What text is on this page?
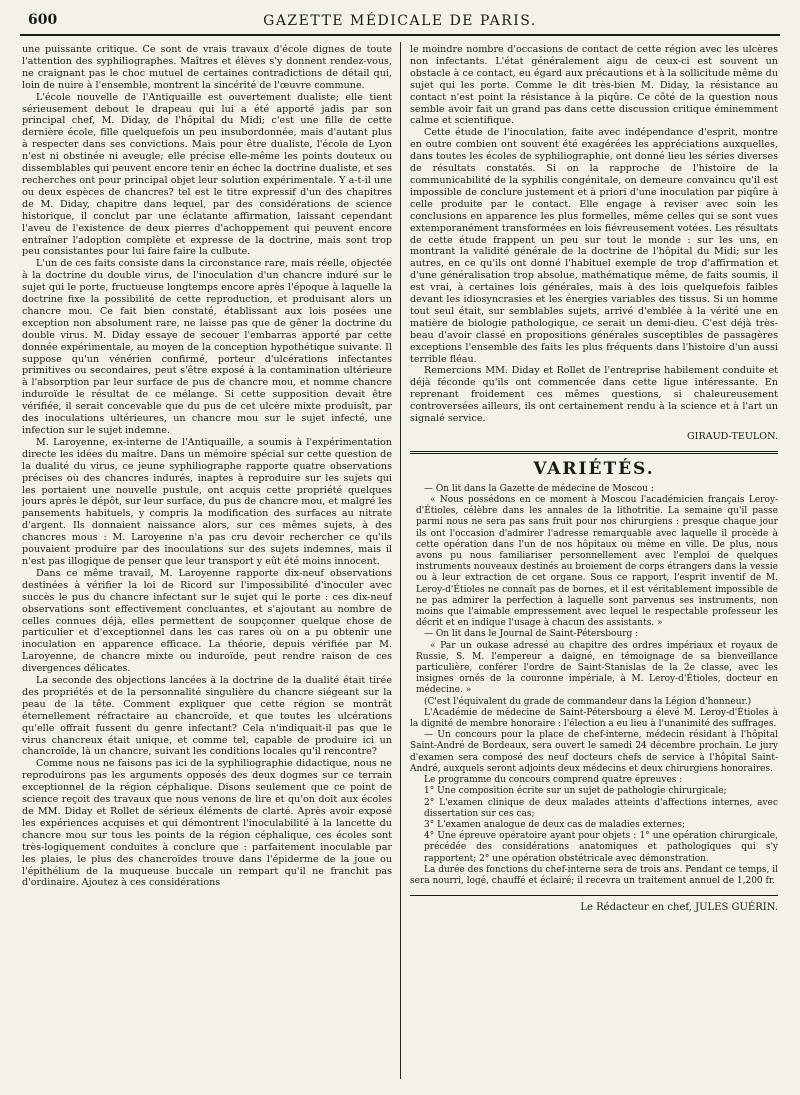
600	GAZETTE MÉDICALE DE PARIS.

une puissante critique. Ce sont de vrais travaux d'école dignes de toute l'attention des syphiliographes. Maîtres et élèves s'y donnent rendez-vous, ne craignant pas le choc mutuel de certaines contradictions de détail qui, loin de nuire à l'ensemble, montrent la sincérité de l'œuvre commune.

L'école nouvelle de l'Antiquaille est ouvertement dualiste; elle tient sérieusement debout le drapeau qui lui a été apporté jadis par son principal chef, M. Diday, de l'hôpital du Midi; c'est une fille de cette dernière école, fille quelquefois un peu insubordonnée, mais d'autant plus à respecter dans ses convictions. Mais pour être dualiste, l'école de Lyon n'est ni obstinée ni aveugle; elle précise elle-même les points douteux ou dissemblables qui peuvent encore tenir en échec la doctrine dualiste, et ses recherches ont pour principal objet leur solution expérimentale. Y a-t-il une ou deux espèces de chancres? tel est le titre expressif d'un des chapitres de M. Diday, chapitre dans lequel, par des considérations de science historique, il conclut par une éclatante affirmation, laissant cependant l'aveu de l'existence de deux pierres d'achoppement qui peuvent encore entraîner l'adoption complète et expresse de la doctrine, mais sont trop peu consistantes pour lui faire faire la culbute.

L'un de ces faits consiste dans la circonstance rare, mais réelle, objectée à la doctrine du double virus, de l'inoculation d'un chancre induré sur le sujet qui le porte, fructueuse longtemps encore après l'époque à laquelle la doctrine fixe la possibilité de cette reproduction, et produisant alors un chancre mou. Ce fait bien constaté, établissant aux lois posées une exception non absolument rare, ne laisse pas que de gêner la doctrine du double virus. M. Diday essaye de secouer l'embarras apporté par cette donnée expérimentale, au moyen de la conception hypothétique suivante. Il suppose qu'un vénérien confirmé, porteur d'ulcérations infectantes primitives ou secondaires, peut s'être exposé à la contamination ultérieure à l'absorption par leur surface de pus de chancre mou, et nomme chancre induroïde le résultat de ce mélange. Si cette supposition devait être vérifiée, il serait concevable que du pus de cet ulcère mixte produisît, par des inoculations ultérieures, un chancre mou sur le sujet infecté, une infection sur le sujet indemne.

M. Laroyenne, ex-interne de l'Antiquaille, a soumis à l'expérimentation directe les idées du maître. Dans un mémoire spécial sur cette question de la dualité du virus, ce jeune syphiliographe rapporte quatre observations précises où des chancres indurés, inaptes à reproduire sur les sujets qui les portaient une nouvelle pustule, ont acquis cette propriété quelques jours après le dépôt, sur leur surface, du pus de chancre mou, et malgré les pansements habituels, y compris la modification des surfaces au nitrate d'argent. Ils donnaient naissance alors, sur ces mêmes sujets, à des chancres mous : M. Laroyenne n'a pas cru devoir rechercher ce qu'ils pouvaient produire par des inoculations sur des sujets indemnes, mais il n'est pas illogique de penser que leur transport y eût été moins innocent.

Dans ce même travail, M. Laroyenne rapporte dix-neuf observations destinées à vérifier la loi de Ricord sur l'impossibilité d'inoculer avec succès le pus du chancre infectant sur le sujet qui le porte : ces dix-neuf observations sont effectivement concluantes, et s'ajoutant au nombre de celles connues déjà, elles permettent de soupçonner quelque chose de particulier et d'exceptionnel dans les cas rares où on a pu obtenir une inoculation en apparence efficace. La théorie, depuis vérifiée par M. Laroyenne, de chancre mixte ou induroïde, peut rendre raison de ces divergences délicates.

La seconde des objections lancées à la doctrine de la dualité était tirée des propriétés et de la personnalité singulière du chancre siégeant sur la peau de la tête. Comment expliquer que cette région se montrât éternellement réfractaire au chancroïde, et que toutes les ulcérations qu'elle offrait fussent du genre infectant? Cela n'indiquait-il pas que le virus chancreux était unique, et comme tel, capable de produire ici un chancroïde, là un chancre, suivant les conditions locales qu'il rencontre?

Comme nous ne faisons pas ici de la syphiliographie didactique, nous ne reproduirons pas les arguments opposés des deux dogmes sur ce terrain exceptionnel de la région céphalique. Disons seulement que ce point de science reçoit des travaux que nous venons de lire et qu'on doit aux écoles de MM. Diday et Rollet de sérieux éléments de clarté. Après avoir exposé les expériences acquises et qui démontrent l'inoculabilité à la lancette du chancre mou sur tous les points de la région céphalique, ces écoles sont très-logiquement conduites à conclure que : parfaitement inoculable par les plaies, le plus des chancroïdes trouve dans l'épiderme de la joue ou l'épithélium de la muqueuse buccale un rempart qu'il ne franchit pas d'ordinaire. Ajoutez à ces considérations

le moindre nombre d'occasions de contact de cette région avec les ulcères non infectants. L'état généralement aigu de ceux-ci est souvent un obstacle à ce contact, eu égard aux précautions et à la sollicitude même du sujet qui les porte. Comme le dit très-bien M. Diday, la résistance au contact n'est point la résistance à la piqûre. Ce côté de la question nous semble avoir fait un grand pas dans cette discussion critique éminemment calme et scientifique.

Cette étude de l'inoculation, faite avec indépendance d'esprit, montre en outre combien ont souvent été exagérées les appréciations auxquelles, dans toutes les écoles de syphiliographie, ont donné lieu les séries diverses de résultats constatés. Si on la rapproche de l'histoire de la communicabilité de la syphilis congénitale, on demeure convaincu qu'il est impossible de conclure justement et à priori d'une inoculation par piqûre à celle produite par le contact. Elle engage à reviser avec soin les conclusions en apparence les plus formelles, même celles qui se sont vues extemporanément transformées en lois fiévreusement votées. Les résultats de cette étude frappent un peu sur tout le monde : sur les uns, en montrant la validité générale de la doctrine de l'hôpital du Midi; sur les autres, en ce qu'ils ont donné l'habituel exemple de trop d'affirmation et d'une généralisation trop absolue, mathématique même, de faits soumis, il est vrai, à certaines lois générales, mais à des lois quelquefois faibles devant les idiosyncrasies et les énergies variables des tissus. Si un homme tout seul était, sur semblables sujets, arrivé d'emblée à la vérité une en matière de biologie pathologique, ce serait un demi-dieu. C'est déjà très-beau d'avoir classé en propositions générales susceptibles de passagères exceptions l'ensemble des faits les plus fréquents dans l'histoire d'un aussi terrible fléau.

Remercions MM. Diday et Rollet de l'entreprise habilement conduite et déjà féconde qu'ils ont commencée dans cette ligue intéressante. En reprenant froidement ces mêmes questions, si chaleureusement controversées ailleurs, ils ont certainement rendu à la science et à l'art un signalé service.

GIRAUD-TEULON.
VARIÉTÉS.

— On lit dans la Gazette de médecine de Moscou :

« Nous possédons en ce moment à Moscou l'académicien français Leroy-d'Étioles, célèbre dans les annales de la lithotritie. La semaine qu'il passe parmi nous ne sera pas sans fruit pour nos chirurgiens : presque chaque jour ils ont l'occasion d'admirer l'adresse remarquable avec laquelle il procède à cette opération dans l'un de nos hôpitaux ou même en ville. De plus, nous avons pu nous familiariser personnellement avec l'emploi de quelques instruments nouveaux destinés au broiement de corps étrangers dans la vessie ou à leur extraction de cet organe. Sous ce rapport, l'esprit inventif de M. Leroy-d'Étioles ne connaît pas de bornes, et il est véritablement impossible de ne pas admirer la perfection à laquelle sont parvenus ses instruments, non moins que l'aimable empressement avec lequel le respectable professeur les décrit et en indique l'usage à chacun des assistants. »

— On lit dans le Journal de Saint-Pétersbourg :

« Par un oukase adressé au chapitre des ordres impériaux et royaux de Russie, S. M. l'empereur a daigné, en témoignage de sa bienveillance particulière, conférer l'ordre de Saint-Stanislas de la 2e classe, avec les insignes ornés de la couronne impériale, à M. Leroy-d'Étioles, docteur en médecine. »

(C'est l'équivalent du grade de commandeur dans la Légion d'honneur.)

L'Académie de médecine de Saint-Pétersbourg a élevé M. Leroy-d'Étioles à la dignité de membre honoraire : l'élection a eu lieu à l'unanimité des suffrages.

— Un concours pour la place de chef-interne, médecin résidant à l'hôpital Saint-André de Bordeaux, sera ouvert le samedi 24 décembre prochain. Le jury d'examen sera composé des neuf docteurs chefs de service à l'hôpital Saint-André, auxquels seront adjoints deux médecins et deux chirurgiens honoraires.

Le programme du concours comprend quatre épreuves :

1° Une composition écrite sur un sujet de pathologie chirurgicale;

2° L'examen clinique de deux malades atteints d'affections internes, avec dissertation sur ces cas;

3° L'examen analogue de deux cas de maladies externes;

4° Une épreuve opératoire ayant pour objets : 1° une opération chirurgicale, précédée des considérations anatomiques et pathologiques qui s'y rapportent; 2° une opération obstétricale avec démonstration.

La durée des fonctions du chef-interne sera de trois ans. Pendant ce temps, il sera nourri, logé, chauffé et éclairé; il recevra un traitement annuel de 1,200 fr.

Le Rédacteur en chef, JULES GUÉRIN.
